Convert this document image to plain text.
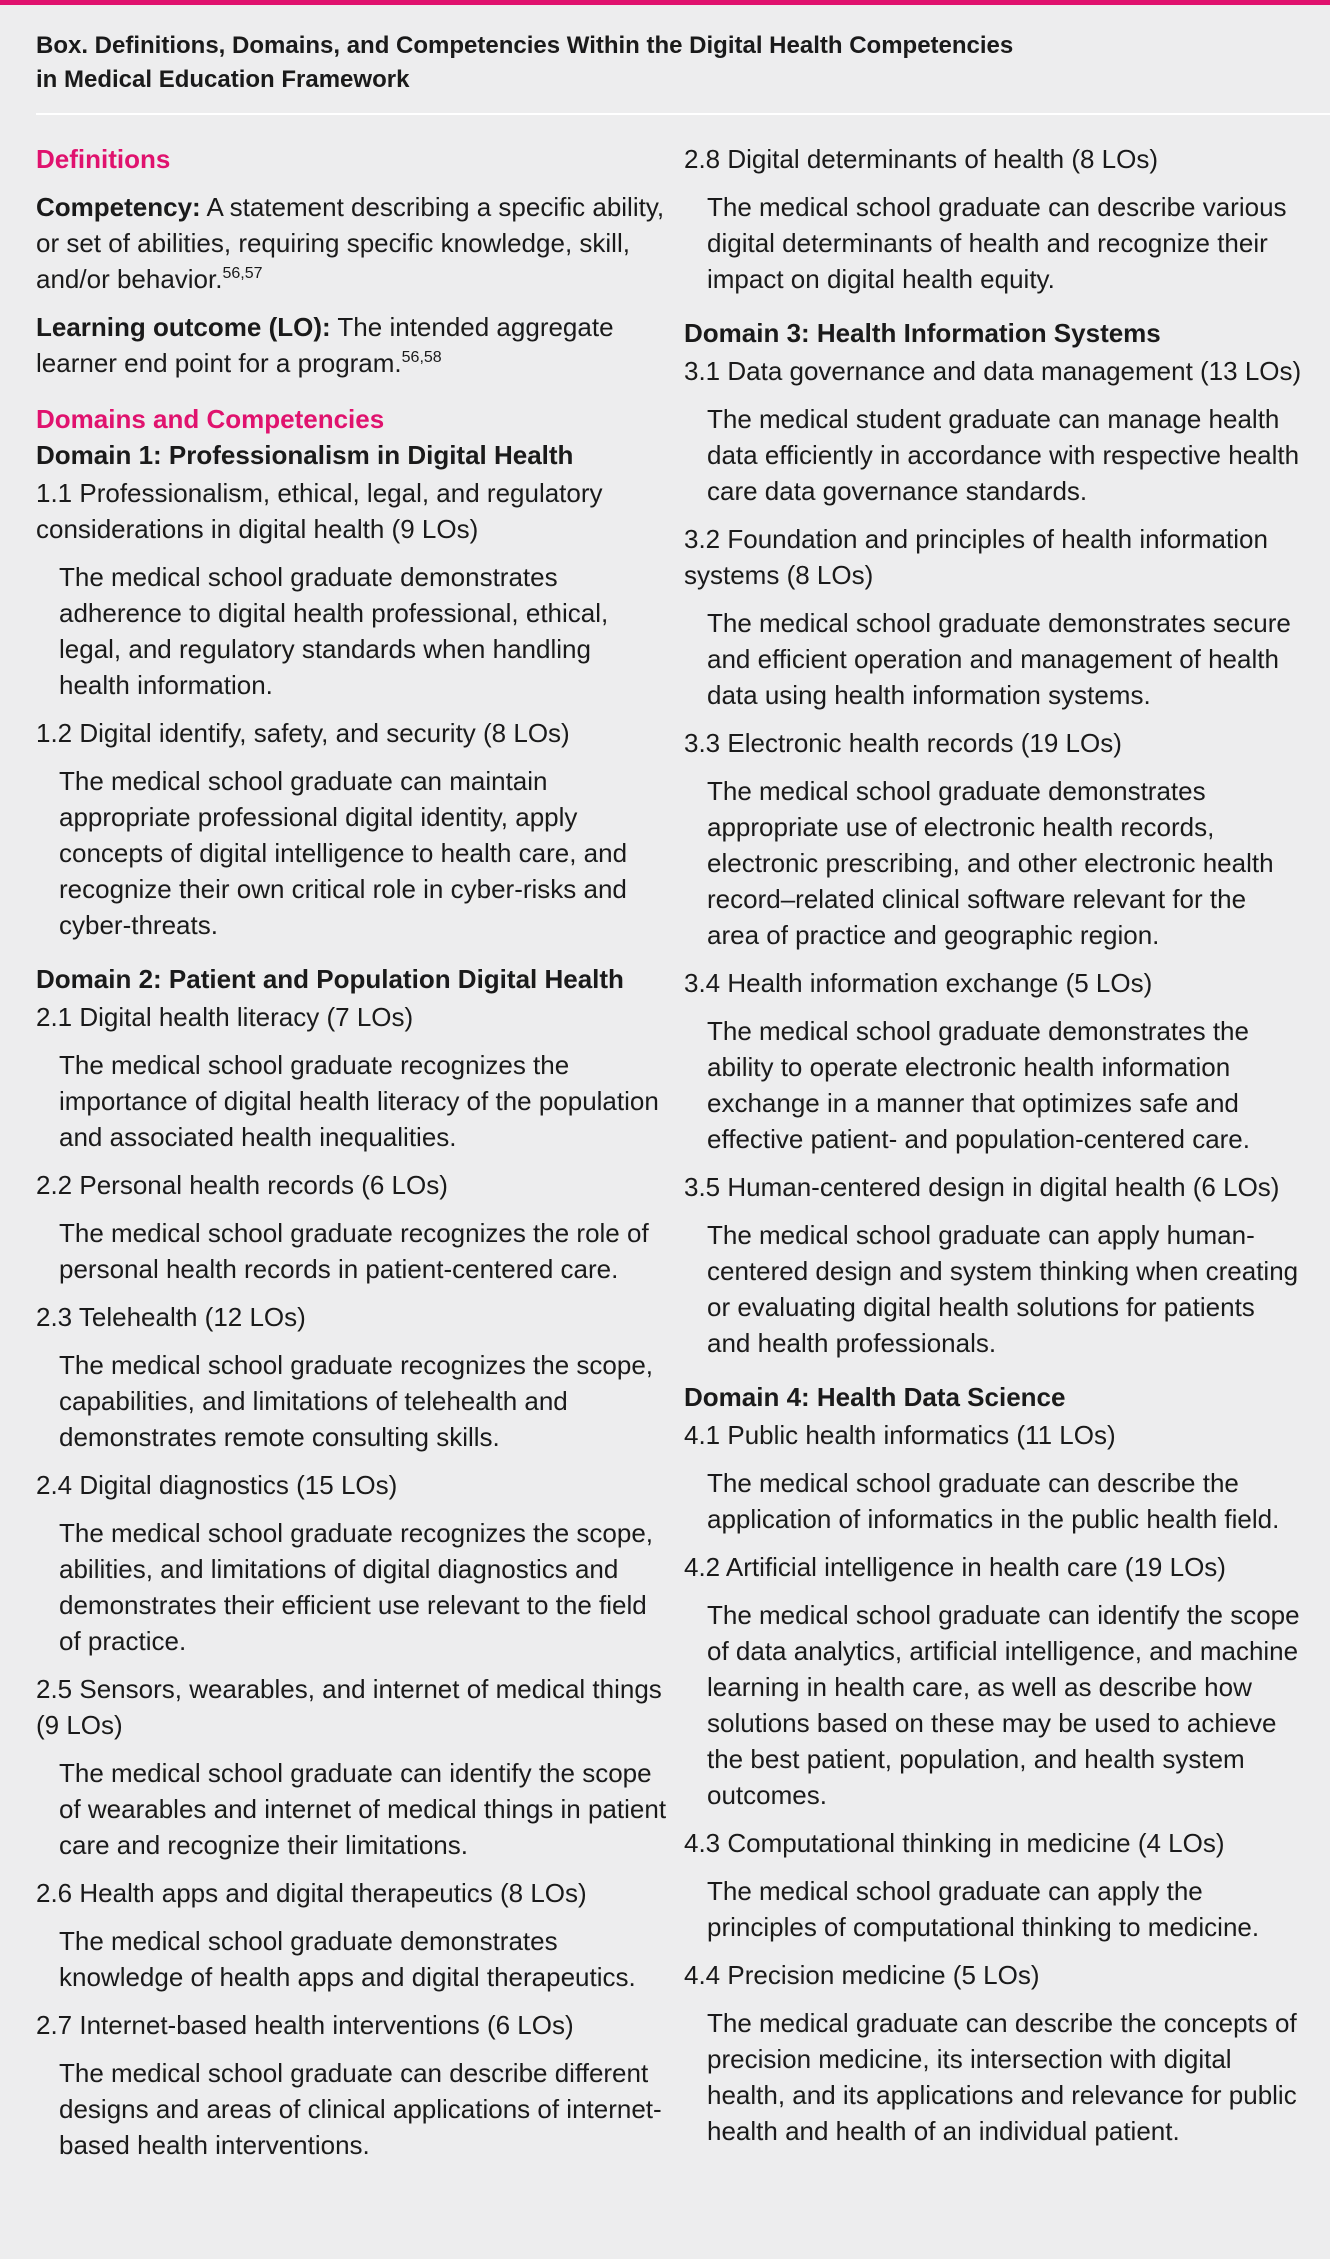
Box. Definitions, Domains, and Competencies Within the Digital Health Competencies
in Medical Education Framework
Definitions

Competency: A statement describing a specific ability, or set of abilities, requiring specific knowledge, skill, and/or behavior.$^{56,57}$

Learning outcome (LO): The intended aggregate learner end point for a program.$^{56,58}$

Domains and Competencies
Domain 1: Professionalism in Digital Health
1.1 Professionalism, ethical, legal, and regulatory considerations in digital health (9 LOs)
The medical school graduate demonstrates adherence to digital health professional, ethical, legal, and regulatory standards when handling health information.
1.2 Digital identify, safety, and security (8 LOs)
The medical school graduate can maintain appropriate professional digital identity, apply concepts of digital intelligence to health care, and recognize their own critical role in cyber-risks and cyber-threats.
Domain 2: Patient and Population Digital Health
2.1 Digital health literacy (7 LOs)
The medical school graduate recognizes the importance of digital health literacy of the population and associated health inequalities.
2.2 Personal health records (6 LOs)
The medical school graduate recognizes the role of personal health records in patient-centered care.
2.3 Telehealth (12 LOs)
The medical school graduate recognizes the scope, capabilities, and limitations of telehealth and demonstrates remote consulting skills.
2.4 Digital diagnostics (15 LOs)
The medical school graduate recognizes the scope, abilities, and limitations of digital diagnostics and demonstrates their efficient use relevant to the field of practice.
2.5 Sensors, wearables, and internet of medical things (9 LOs)
The medical school graduate can identify the scope of wearables and internet of medical things in patient care and recognize their limitations.
2.6 Health apps and digital therapeutics (8 LOs)
The medical school graduate demonstrates knowledge of health apps and digital therapeutics.
2.7 Internet-based health interventions (6 LOs)
The medical school graduate can describe different designs and areas of clinical applications of internet-based health interventions.
2.8 Digital determinants of health (8 LOs)
The medical school graduate can describe various digital determinants of health and recognize their impact on digital health equity.
Domain 3: Health Information Systems
3.1 Data governance and data management (13 LOs)
The medical student graduate can manage health data efficiently in accordance with respective health care data governance standards.
3.2 Foundation and principles of health information systems (8 LOs)
The medical school graduate demonstrates secure and efficient operation and management of health data using health information systems.
3.3 Electronic health records (19 LOs)
The medical school graduate demonstrates appropriate use of electronic health records, electronic prescribing, and other electronic health record–related clinical software relevant for the area of practice and geographic region.
3.4 Health information exchange (5 LOs)
The medical school graduate demonstrates the ability to operate electronic health information exchange in a manner that optimizes safe and effective patient- and population-centered care.
3.5 Human-centered design in digital health (6 LOs)
The medical school graduate can apply human-centered design and system thinking when creating or evaluating digital health solutions for patients and health professionals.
Domain 4: Health Data Science
4.1 Public health informatics (11 LOs)
The medical school graduate can describe the application of informatics in the public health field.
4.2 Artificial intelligence in health care (19 LOs)
The medical school graduate can identify the scope of data analytics, artificial intelligence, and machine learning in health care, as well as describe how solutions based on these may be used to achieve the best patient, population, and health system outcomes.
4.3 Computational thinking in medicine (4 LOs)
The medical school graduate can apply the principles of computational thinking to medicine.
4.4 Precision medicine (5 LOs)
The medical graduate can describe the concepts of precision medicine, its intersection with digital health, and its applications and relevance for public health and health of an individual patient.
